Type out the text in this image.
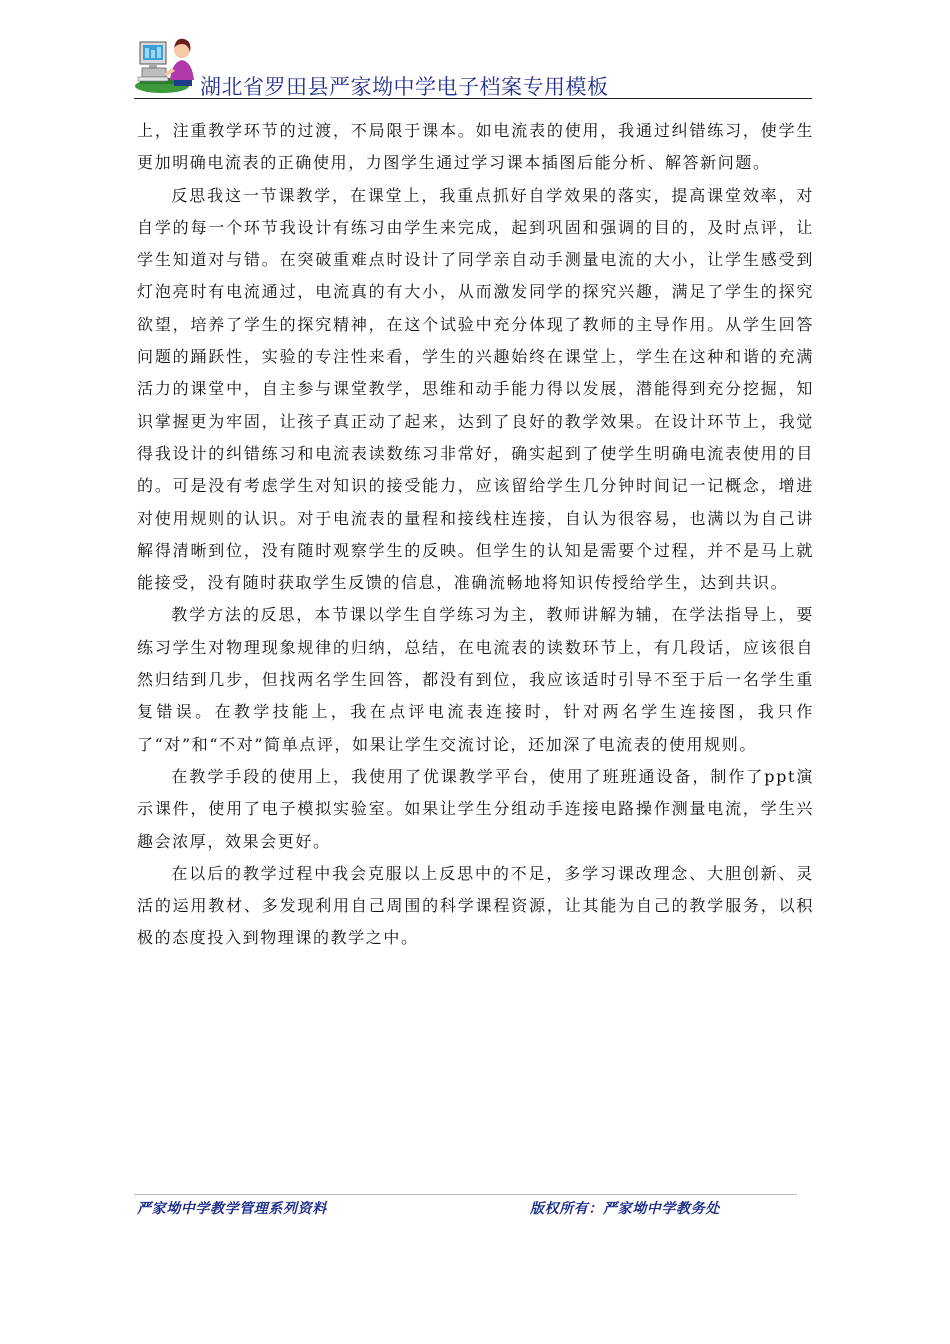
湖北省罗田县严家坳中学电子档案专用模板

上，注重教学环节的过渡，不局限于课本。如电流表的使用，我通过纠错练习，使学生更加明确电流表的正确使用，力图学生通过学习课本插图后能分析、解答新问题。

反思我这一节课教学，在课堂上，我重点抓好自学效果的落实，提高课堂效率，对自学的每一个环节我设计有练习由学生来完成，起到巩固和强调的目的，及时点评，让学生知道对与错。在突破重难点时设计了同学亲自动手测量电流的大小，让学生感受到灯泡亮时有电流通过，电流真的有大小，从而激发同学的探究兴趣，满足了学生的探究欲望，培养了学生的探究精神，在这个试验中充分体现了教师的主导作用。从学生回答问题的踊跃性，实验的专注性来看，学生的兴趣始终在课堂上，学生在这种和谐的充满活力的课堂中，自主参与课堂教学，思维和动手能力得以发展，潜能得到充分挖掘，知识掌握更为牢固，让孩子真正动了起来，达到了良好的教学效果。在设计环节上，我觉得我设计的纠错练习和电流表读数练习非常好，确实起到了使学生明确电流表使用的目的。可是没有考虑学生对知识的接受能力，应该留给学生几分钟时间记一记概念，增进对使用规则的认识。对于电流表的量程和接线柱连接，自认为很容易，也满以为自己讲解得清晰到位，没有随时观察学生的反映。但学生的认知是需要个过程，并不是马上就能接受，没有随时获取学生反馈的信息，准确流畅地将知识传授给学生，达到共识。

教学方法的反思，本节课以学生自学练习为主，教师讲解为辅，在学法指导上，要练习学生对物理现象规律的归纳，总结，在电流表的读数环节上，有几段话，应该很自然归结到几步，但找两名学生回答，都没有到位，我应该适时引导不至于后一名学生重复错误。在教学技能上，我在点评电流表连接时，针对两名学生连接图，我只作了“对”和“不对”简单点评，如果让学生交流讨论，还加深了电流表的使用规则。

在教学手段的使用上，我使用了优课教学平台，使用了班班通设备，制作了ppt演示课件，使用了电子模拟实验室。如果让学生分组动手连接电路操作测量电流，学生兴趣会浓厚，效果会更好。

在以后的教学过程中我会克服以上反思中的不足，多学习课改理念、大胆创新、灵活的运用教材、多发现利用自己周围的科学课程资源，让其能为自己的教学服务，以积极的态度投入到物理课的教学之中。

严家坳中学教学管理系列资料	版权所有：严家坳中学教务处
